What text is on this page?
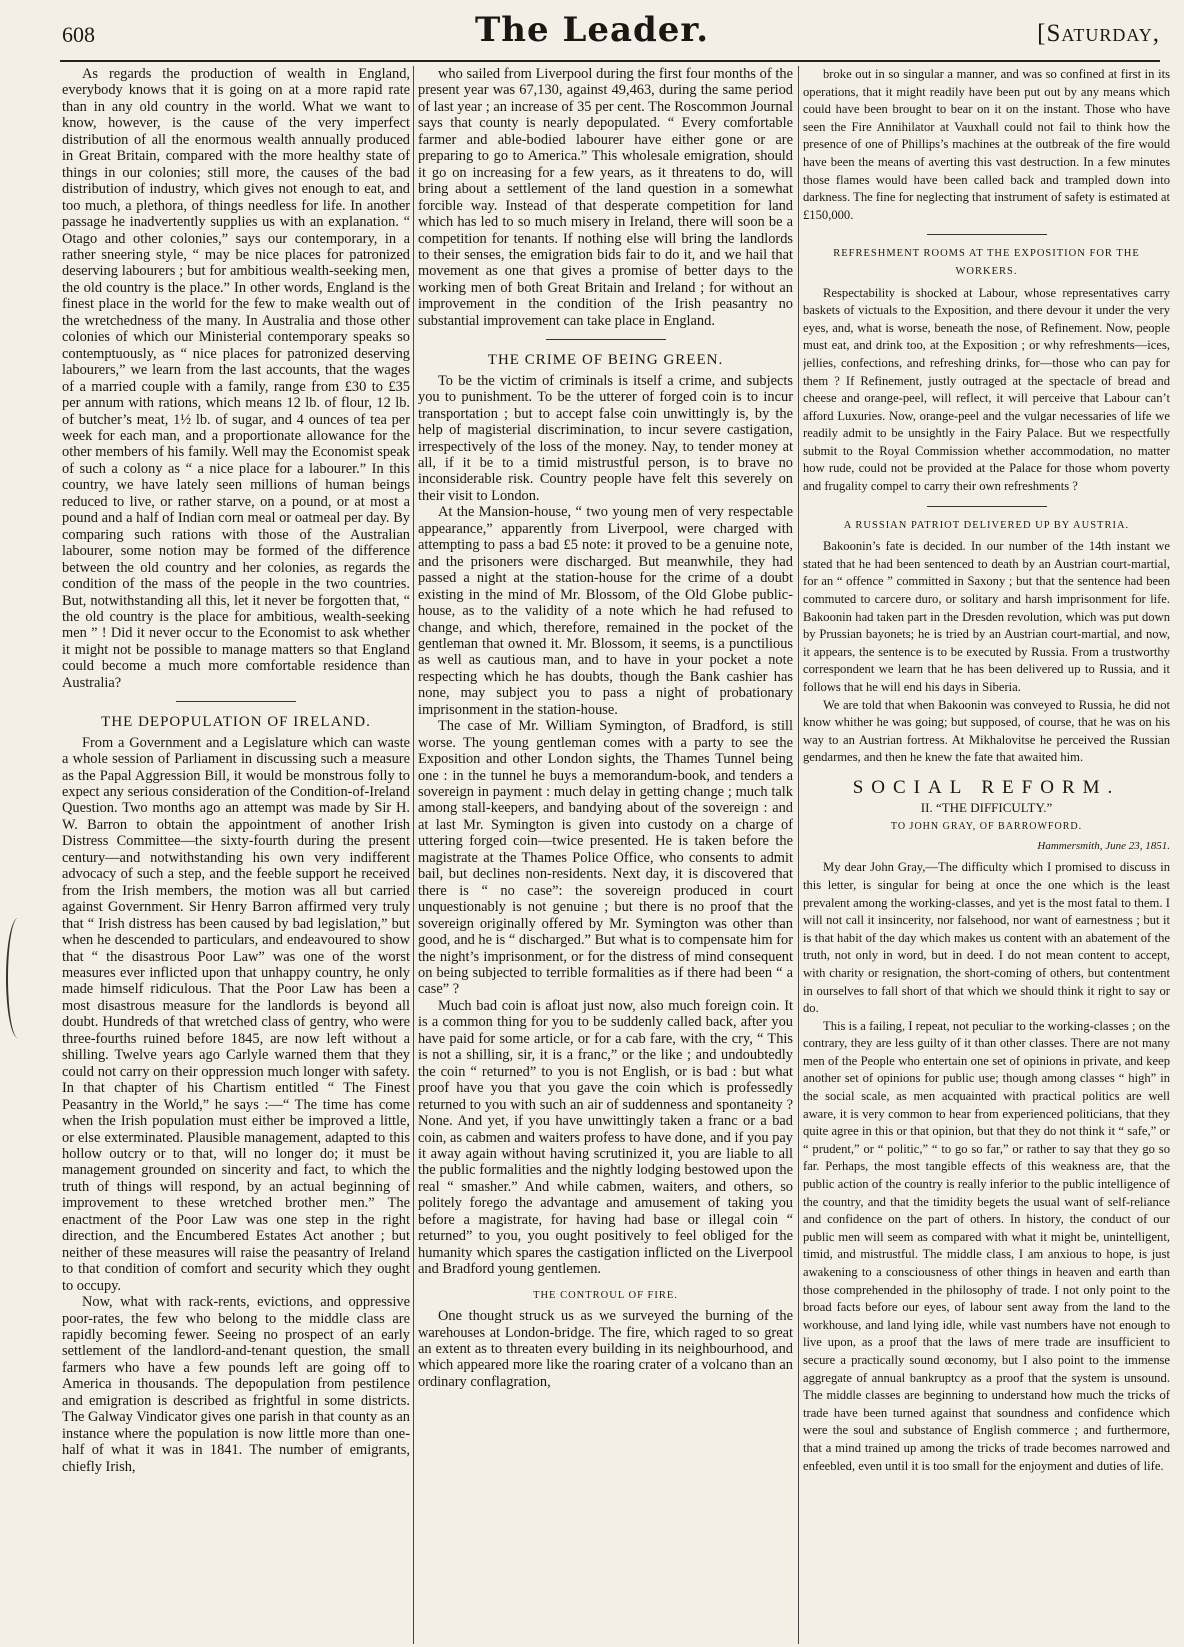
608	The Leader.	[Saturday,

As regards the production of wealth in England, everybody knows that it is going on at a more rapid rate than in any old country in the world. What we want to know, however, is the cause of the very imperfect distribution of all the enormous wealth annually produced in Great Britain, compared with the more healthy state of things in our colonies; still more, the causes of the bad distribution of industry, which gives not enough to eat, and too much, a plethora, of things needless for life. In another passage he inadvertently supplies us with an explanation. “ Otago and other colonies,” says our contemporary, in a rather sneering style, “ may be nice places for patronized deserving labourers ; but for ambitious wealth-seeking men, the old country is the place.” In other words, England is the finest place in the world for the few to make wealth out of the wretchedness of the many. In Australia and those other colonies of which our Ministerial contemporary speaks so contemptuously, as “ nice places for patronized deserving labourers,” we learn from the last accounts, that the wages of a married couple with a family, range from £30 to £35 per annum with rations, which means 12 lb. of flour, 12 lb. of butcher’s meat, 1½ lb. of sugar, and 4 ounces of tea per week for each man, and a proportionate allowance for the other members of his family. Well may the Economist speak of such a colony as “ a nice place for a labourer.” In this country, we have lately seen millions of human beings reduced to live, or rather starve, on a pound, or at most a pound and a half of Indian corn meal or oatmeal per day. By comparing such rations with those of the Australian labourer, some notion may be formed of the difference between the old country and her colonies, as regards the condition of the mass of the people in the two countries. But, notwithstanding all this, let it never be forgotten that, “ the old country is the place for ambitious, wealth-seeking men ” ! Did it never occur to the Economist to ask whether it might not be possible to manage matters so that England could become a much more comfortable residence than Australia?

THE DEPOPULATION OF IRELAND.

From a Government and a Legislature which can waste a whole session of Parliament in discussing such a measure as the Papal Aggression Bill, it would be monstrous folly to expect any serious consideration of the Condition-of-Ireland Question. Two months ago an attempt was made by Sir H. W. Barron to obtain the appointment of another Irish Distress Committee—the sixty-fourth during the present century—and notwithstanding his own very indifferent advocacy of such a step, and the feeble support he received from the Irish members, the motion was all but carried against Government. Sir Henry Barron affirmed very truly that “ Irish distress has been caused by bad legislation,” but when he descended to particulars, and endeavoured to show that “ the disastrous Poor Law” was one of the worst measures ever inflicted upon that unhappy country, he only made himself ridiculous. That the Poor Law has been a most disastrous measure for the landlords is beyond all doubt. Hundreds of that wretched class of gentry, who were three-fourths ruined before 1845, are now left without a shilling. Twelve years ago Carlyle warned them that they could not carry on their oppression much longer with safety. In that chapter of his Chartism entitled “ The Finest Peasantry in the World,” he says :—“ The time has come when the Irish population must either be improved a little, or else exterminated. Plausible management, adapted to this hollow outcry or to that, will no longer do; it must be management grounded on sincerity and fact, to which the truth of things will respond, by an actual beginning of improvement to these wretched brother men.” The enactment of the Poor Law was one step in the right direction, and the Encumbered Estates Act another ; but neither of these measures will raise the peasantry of Ireland to that condition of comfort and security which they ought to occupy.

Now, what with rack-rents, evictions, and oppressive poor-rates, the few who belong to the middle class are rapidly becoming fewer. Seeing no prospect of an early settlement of the landlord-and-tenant question, the small farmers who have a few pounds left are going off to America in thousands. The depopulation from pestilence and emigration is described as frightful in some districts. The Galway Vindicator gives one parish in that county as an instance where the population is now little more than one-half of what it was in 1841. The number of emigrants, chiefly Irish,

who sailed from Liverpool during the first four months of the present year was 67,130, against 49,463, during the same period of last year ; an increase of 35 per cent. The Roscommon Journal says that county is nearly depopulated. “ Every comfortable farmer and able-bodied labourer have either gone or are preparing to go to America.” This wholesale emigration, should it go on increasing for a few years, as it threatens to do, will bring about a settlement of the land question in a somewhat forcible way. Instead of that desperate competition for land which has led to so much misery in Ireland, there will soon be a competition for tenants. If nothing else will bring the landlords to their senses, the emigration bids fair to do it, and we hail that movement as one that gives a promise of better days to the working men of both Great Britain and Ireland ; for without an improvement in the condition of the Irish peasantry no substantial improvement can take place in England.

THE CRIME OF BEING GREEN.

To be the victim of criminals is itself a crime, and subjects you to punishment. To be the utterer of forged coin is to incur transportation ; but to accept false coin unwittingly is, by the help of magisterial discrimination, to incur severe castigation, irrespectively of the loss of the money. Nay, to tender money at all, if it be to a timid mistrustful person, is to brave no inconsiderable risk. Country people have felt this severely on their visit to London.

At the Mansion-house, “ two young men of very respectable appearance,” apparently from Liverpool, were charged with attempting to pass a bad £5 note: it proved to be a genuine note, and the prisoners were discharged. But meanwhile, they had passed a night at the station-house for the crime of a doubt existing in the mind of Mr. Blossom, of the Old Globe public-house, as to the validity of a note which he had refused to change, and which, therefore, remained in the pocket of the gentleman that owned it. Mr. Blossom, it seems, is a punctilious as well as cautious man, and to have in your pocket a note respecting which he has doubts, though the Bank cashier has none, may subject you to pass a night of probationary imprisonment in the station-house.

The case of Mr. William Symington, of Bradford, is still worse. The young gentleman comes with a party to see the Exposition and other London sights, the Thames Tunnel being one : in the tunnel he buys a memorandum-book, and tenders a sovereign in payment : much delay in getting change ; much talk among stall-keepers, and bandying about of the sovereign : and at last Mr. Symington is given into custody on a charge of uttering forged coin—twice presented. He is taken before the magistrate at the Thames Police Office, who consents to admit bail, but declines non-residents. Next day, it is discovered that there is “ no case”: the sovereign produced in court unquestionably is not genuine ; but there is no proof that the sovereign originally offered by Mr. Symington was other than good, and he is “ discharged.” But what is to compensate him for the night’s imprisonment, or for the distress of mind consequent on being subjected to terrible formalities as if there had been “ a case” ?

Much bad coin is afloat just now, also much foreign coin. It is a common thing for you to be suddenly called back, after you have paid for some article, or for a cab fare, with the cry, “ This is not a shilling, sir, it is a franc,” or the like ; and undoubtedly the coin “ returned” to you is not English, or is bad : but what proof have you that you gave the coin which is professedly returned to you with such an air of suddenness and spontaneity ? None. And yet, if you have unwittingly taken a franc or a bad coin, as cabmen and waiters profess to have done, and if you pay it away again without having scrutinized it, you are liable to all the public formalities and the nightly lodging bestowed upon the real “ smasher.” And while cabmen, waiters, and others, so politely forego the advantage and amusement of taking you before a magistrate, for having had base or illegal coin “ returned” to you, you ought positively to feel obliged for the humanity which spares the castigation inflicted on the Liverpool and Bradford young gentlemen.

THE CONTROUL OF FIRE.

One thought struck us as we surveyed the burning of the warehouses at London-bridge. The fire, which raged to so great an extent as to threaten every building in its neighbourhood, and which appeared more like the roaring crater of a volcano than an ordinary conflagration,

broke out in so singular a manner, and was so confined at first in its operations, that it might readily have been put out by any means which could have been brought to bear on it on the instant. Those who have seen the Fire Annihilator at Vauxhall could not fail to think how the presence of one of Phillips’s machines at the outbreak of the fire would have been the means of averting this vast destruction. In a few minutes those flames would have been called back and trampled down into darkness. The fine for neglecting that instrument of safety is estimated at £150,000.

REFRESHMENT ROOMS AT THE EXPOSITION FOR THE WORKERS.

Respectability is shocked at Labour, whose representatives carry baskets of victuals to the Exposition, and there devour it under the very eyes, and, what is worse, beneath the nose, of Refinement. Now, people must eat, and drink too, at the Exposition ; or why refreshments—ices, jellies, confections, and refreshing drinks, for—those who can pay for them ? If Refinement, justly outraged at the spectacle of bread and cheese and orange-peel, will reflect, it will perceive that Labour can’t afford Luxuries. Now, orange-peel and the vulgar necessaries of life we readily admit to be unsightly in the Fairy Palace. But we respectfully submit to the Royal Commission whether accommodation, no matter how rude, could not be provided at the Palace for those whom poverty and frugality compel to carry their own refreshments ?

A RUSSIAN PATRIOT DELIVERED UP BY AUSTRIA.

Bakoonin’s fate is decided. In our number of the 14th instant we stated that he had been sentenced to death by an Austrian court-martial, for an “ offence ” committed in Saxony ; but that the sentence had been commuted to carcere duro, or solitary and harsh imprisonment for life. Bakoonin had taken part in the Dresden revolution, which was put down by Prussian bayonets; he is tried by an Austrian court-martial, and now, it appears, the sentence is to be executed by Russia. From a trustworthy correspondent we learn that he has been delivered up to Russia, and it follows that he will end his days in Siberia.

We are told that when Bakoonin was conveyed to Russia, he did not know whither he was going; but supposed, of course, that he was on his way to an Austrian fortress. At Mikhalovitse he perceived the Russian gendarmes, and then he knew the fate that awaited him.

SOCIAL REFORM.
II. “THE DIFFICULTY.”
TO JOHN GRAY, OF BARROWFORD.
Hammersmith, June 23, 1851.

My dear John Gray,—The difficulty which I promised to discuss in this letter, is singular for being at once the one which is the least prevalent among the working-classes, and yet is the most fatal to them. I will not call it insincerity, nor falsehood, nor want of earnestness ; but it is that habit of the day which makes us content with an abatement of the truth, not only in word, but in deed. I do not mean content to accept, with charity or resignation, the short-coming of others, but contentment in ourselves to fall short of that which we should think it right to say or do.

This is a failing, I repeat, not peculiar to the working-classes ; on the contrary, they are less guilty of it than other classes. There are not many men of the People who entertain one set of opinions in private, and keep another set of opinions for public use; though among classes “ high” in the social scale, as men acquainted with practical politics are well aware, it is very common to hear from experienced politicians, that they quite agree in this or that opinion, but that they do not think it “ safe,” or “ prudent,” or “ politic,” “ to go so far,” or rather to say that they go so far. Perhaps, the most tangible effects of this weakness are, that the public action of the country is really inferior to the public intelligence of the country, and that the timidity begets the usual want of self-reliance and confidence on the part of others. In history, the conduct of our public men will seem as compared with what it might be, unintelligent, timid, and mistrustful. The middle class, I am anxious to hope, is just awakening to a consciousness of other things in heaven and earth than those comprehended in the philosophy of trade. I not only point to the broad facts before our eyes, of labour sent away from the land to the workhouse, and land lying idle, while vast numbers have not enough to live upon, as a proof that the laws of mere trade are insufficient to secure a practically sound œconomy, but I also point to the immense aggregate of annual bankruptcy as a proof that the system is unsound. The middle classes are beginning to understand how much the tricks of trade have been turned against that soundness and confidence which were the soul and substance of English commerce ; and furthermore, that a mind trained up among the tricks of trade becomes narrowed and enfeebled, even until it is too small for the enjoyment and duties of life.
